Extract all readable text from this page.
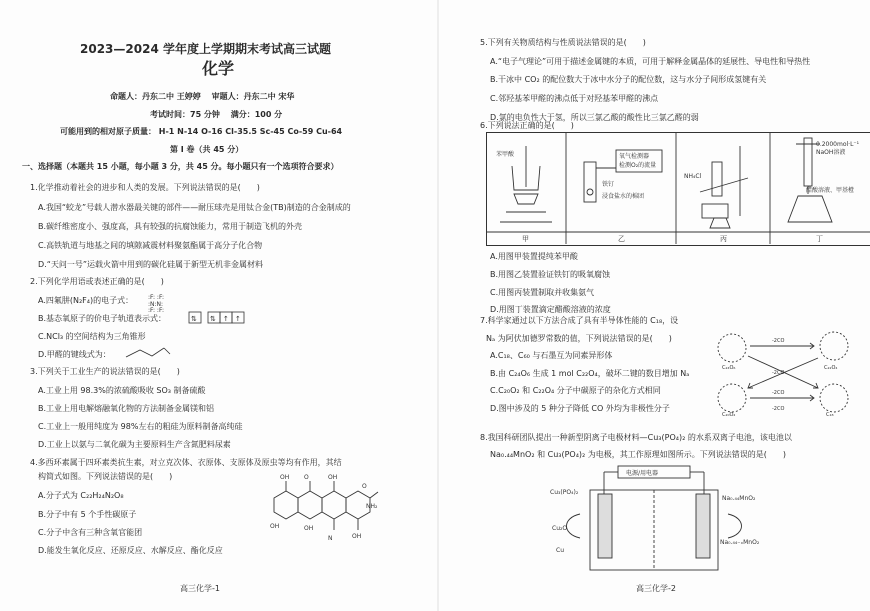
2023—2024 学年度上学期期末考试高三试题
化学
命题人：丹东二中 王婷婷　 审题人：丹东二中 宋华
考试时间：75 分钟　 满分：100 分
可能用到的相对原子质量： H-1 N-14 O-16 Cl-35.5 Sc-45 Co-59 Cu-64
第 Ⅰ 卷（共 45 分）
一、选择题（本题共 15 小题，每小题 3 分，共 45 分。每小题只有一个选项符合要求）
1.化学推动着社会的进步和人类的发展。下列说法错误的是(　　)
A.我国“蛟龙”号载人潜水器最关键的部件——耐压球壳是用钛合金(TB)制造的合金制成的
B.碳纤维密度小、强度高，具有较强的抗腐蚀能力，常用于制造飞机的外壳
C.高铁轨道与地基之间的填隙减震材料聚氨酯属于高分子化合物
D.“天问一号”运载火箭中用到的碳化硅属于新型无机非金属材料
2.下列化学用语或表述正确的是(　　)
A.四氟肼(N₂F₄)的电子式： :F: :F:
:N:N:
:F: :F:
B.基态氧原子的价电子轨道表示式：	⇅ ⇅ ↑ ↑
C.NCl₃ 的空间结构为三角锥形
D.甲醛的键线式为：
3.下列关于工业生产的说法错误的是(　　)
A.工业上用 98.3%的浓硫酸吸收 SO₃ 制备硫酸
B.工业上用电解熔融氧化物的方法制备金属镁和铝
C.工业上一般用纯度为 98%左右的粗硅为原料制备高纯硅
D.工业上以氨与二氧化碳为主要原料生产含氮肥料尿素
4.多西环素属于四环素类抗生素，对立克次体、衣原体、支原体及原虫等均有作用，其结
构简式如图。下列说法错误的是(　　)
A.分子式为 C₂₂H₂₄N₂O₈
B.分子中有 5 个手性碳原子
C.分子中含有三种含氧官能团
D.能发生氧化反应、还原反应、水解反应、酯化反应
OH O	OH
O
NH₂
OH
N
OH	OH
高三化学-1
5.下列有关物质结构与性质说法错误的是(　　)
A.“电子气理论”可用于描述金属键的本质，可用于解释金属晶体的延展性、导电性和导热性
B.干冰中 CO₂ 的配位数大于冰中水分子的配位数，这与水分子间形成氢键有关
C.邻羟基苯甲醛的沸点低于对羟基苯甲醛的沸点
D.氯的电负性大于氢，所以三氯乙酸的酸性比三氯乙醛的弱
6.下列说法正确的是(　　)
苯甲酸	氧气检测器
检测O₂的流量
铁钉
浸食盐水的棉团
NH₄Cl
0.2000mol·L⁻¹
NaOH溶液
醋酸溶液、甲基橙
甲	乙	丙	丁
A.用图甲装置提纯苯甲酸
B.用图乙装置验证铁钉的吸氧腐蚀
C.用图丙装置制取并收集氨气
D.用图丁装置滴定醋酸溶液的浓度
7.科学家通过以下方法合成了具有半导体性能的 C₁₈，设
Nₐ 为阿伏加德罗常数的值，下列说法错误的是(　　)
A.C₁₈、C₆₀ 与石墨互为同素异形体
B.由 C₂₄O₆ 生成 1 mol C₂₂O₄，破坏二键的数目增加 Nₐ
C.C₂₀O₂ 和 C₂₂O₄ 分子中碳原子的杂化方式相同
D.图中涉及的 5 种分子降低 CO 外均为非极性分子
C₂₄O₆	C₂₂O₄
C₂₀O₂	C₁₈
-2CO
-2CO
-2CO
-2CO
8.我国科研团队提出一种新型阴离子电极材料—Cu₃(PO₄)₂ 的水系双离子电池，该电池以
Na₀.₄₄MnO₂ 和 Cu₃(PO₄)₂ 为电极，其工作原理如图所示。下列说法错误的是(　　)
电源/用电器
Cu₃(PO₄)₂
Cu₂O
Cu
Na₀.₄₄MnO₂
Na₀.₄₄₋ₓMnO₂
高三化学-2
